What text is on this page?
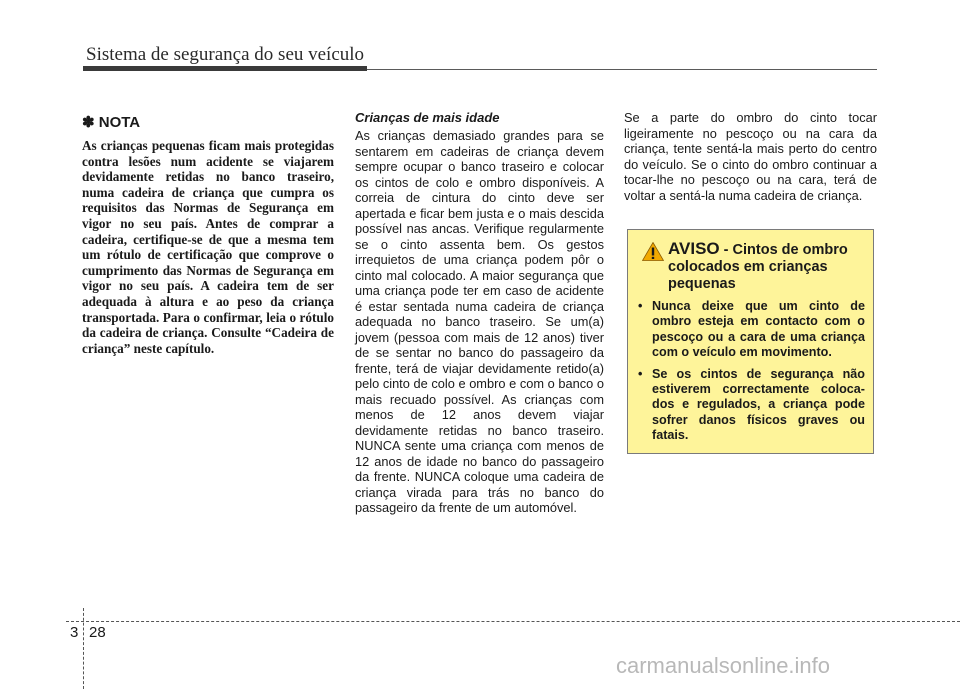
Sistema de segurança do seu veículo
✽ NOTA

As crianças pequenas ficam mais protegidas contra lesões num acidente se viajarem devidamente retidas no banco traseiro, numa cadeira de criança que cumpra os requisitos das Normas de Segurança em vigor no seu país. Antes de comprar a cadeira, certifique-se de que a mesma tem um rótulo de certificação que comprove o cumprimento das Normas de Segurança em vigor no seu país. A cadeira tem de ser adequada à altura e ao peso da criança transportada. Para o confirmar, leia o rótulo da cadeira de criança. Consulte “Cadeira de criança” neste capítulo.

Crianças de mais idade

As crianças demasiado grandes para se sentarem em cadeiras de criança devem sempre ocupar o banco traseiro e colocar os cintos de colo e ombro disponíveis. A correia de cintura do cinto deve ser apertada e ficar bem justa e o mais descida possível nas ancas. Verifique regularmente se o cinto assenta bem. Os gestos irrequietos de uma criança podem pôr o cinto mal colocado. A maior segurança que uma criança pode ter em caso de acidente é estar sentada numa cadeira de criança adequada no banco traseiro. Se um(a) jovem (pessoa com mais de 12 anos) tiver de se sentar no banco do passageiro da frente, terá de viajar devidamente retido(a) pelo cinto de colo e ombro e com o banco o mais recuado possível. As crianças com menos de 12 anos devem viajar devidamente retidas no banco traseiro. NUNCA sente uma criança com menos de 12 anos de idade no banco do passageiro da frente. NUNCA coloque uma cadeira de criança virada para trás no banco do passageiro da frente de um automóvel.

Se a parte do ombro do cinto tocar ligeiramente no pescoço ou na cara da criança, tente sentá-la mais perto do centro do veículo. Se o cinto do ombro continuar a tocar-lhe no pescoço ou na cara, terá de voltar a sentá-la numa cadeira de criança.

AVISO - Cintos de ombro colocados em crianças pequenas
• Nunca deixe que um cinto de ombro esteja em contacto com o pescoço ou a cara de uma criança com o veículo em movimento.
• Se os cintos de segurança não estiverem correctamente coloca-dos e regulados, a criança pode sofrer danos físicos graves ou fatais.
3 28
carmanualsonline.info
